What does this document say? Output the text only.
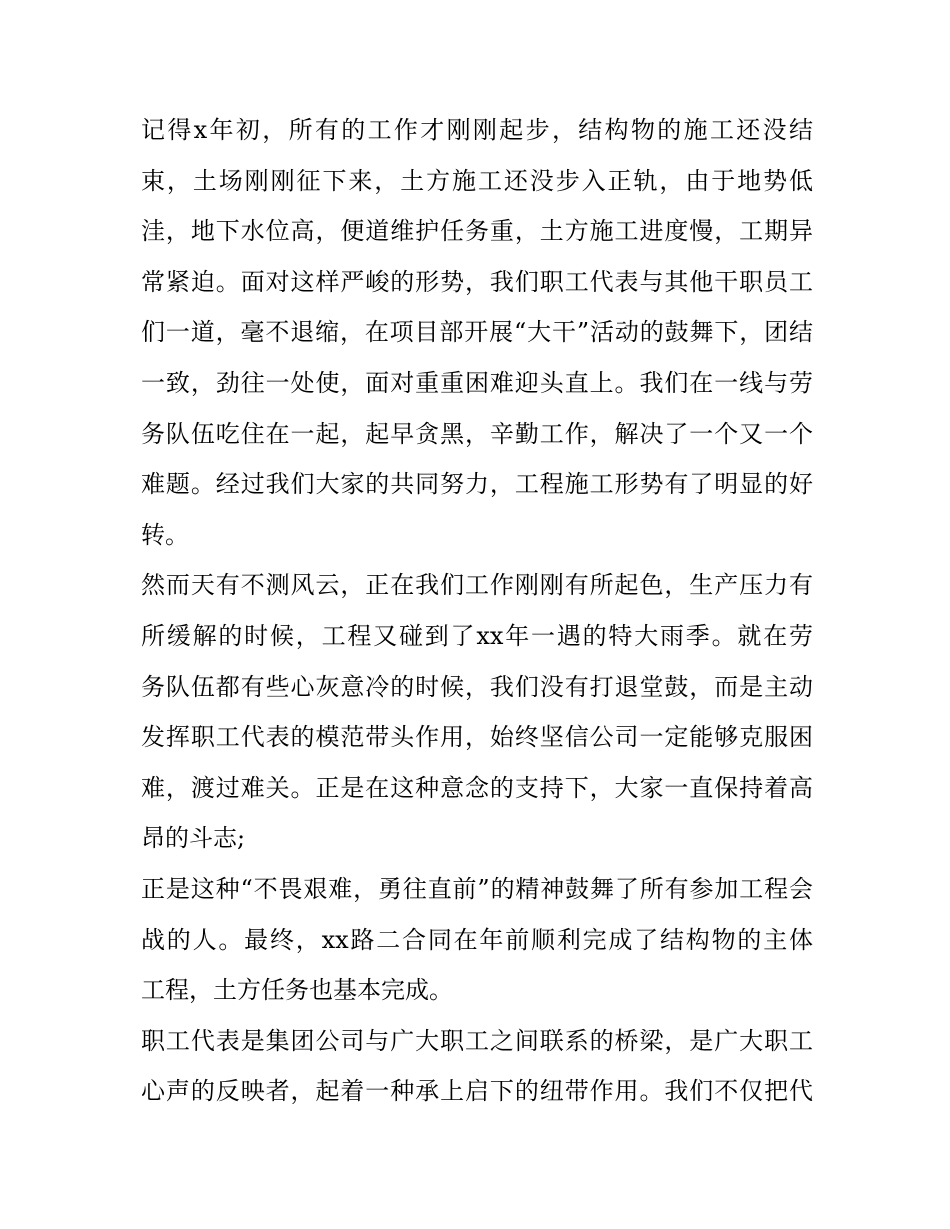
记得x年初，所有的工作才刚刚起步，结构物的施工还没结
束，土场刚刚征下来，土方施工还没步入正轨，由于地势低
洼，地下水位高，便道维护任务重，土方施工进度慢，工期异
常紧迫。面对这样严峻的形势，我们职工代表与其他干职员工
们一道，毫不退缩，在项目部开展“大干”活动的鼓舞下，团结
一致，劲往一处使，面对重重困难迎头直上。我们在一线与劳
务队伍吃住在一起，起早贪黑，辛勤工作，解决了一个又一个
难题。经过我们大家的共同努力，工程施工形势有了明显的好
转。
然而天有不测风云，正在我们工作刚刚有所起色，生产压力有
所缓解的时候，工程又碰到了xx年一遇的特大雨季。就在劳
务队伍都有些心灰意冷的时候，我们没有打退堂鼓，而是主动
发挥职工代表的模范带头作用，始终坚信公司一定能够克服困
难，渡过难关。正是在这种意念的支持下，大家一直保持着高
昂的斗志;
正是这种“不畏艰难，勇往直前”的精神鼓舞了所有参加工程会
战的人。最终，xx路二合同在年前顺利完成了结构物的主体
工程，土方任务也基本完成。
职工代表是集团公司与广大职工之间联系的桥梁，是广大职工
心声的反映者，起着一种承上启下的纽带作用。我们不仅把代
